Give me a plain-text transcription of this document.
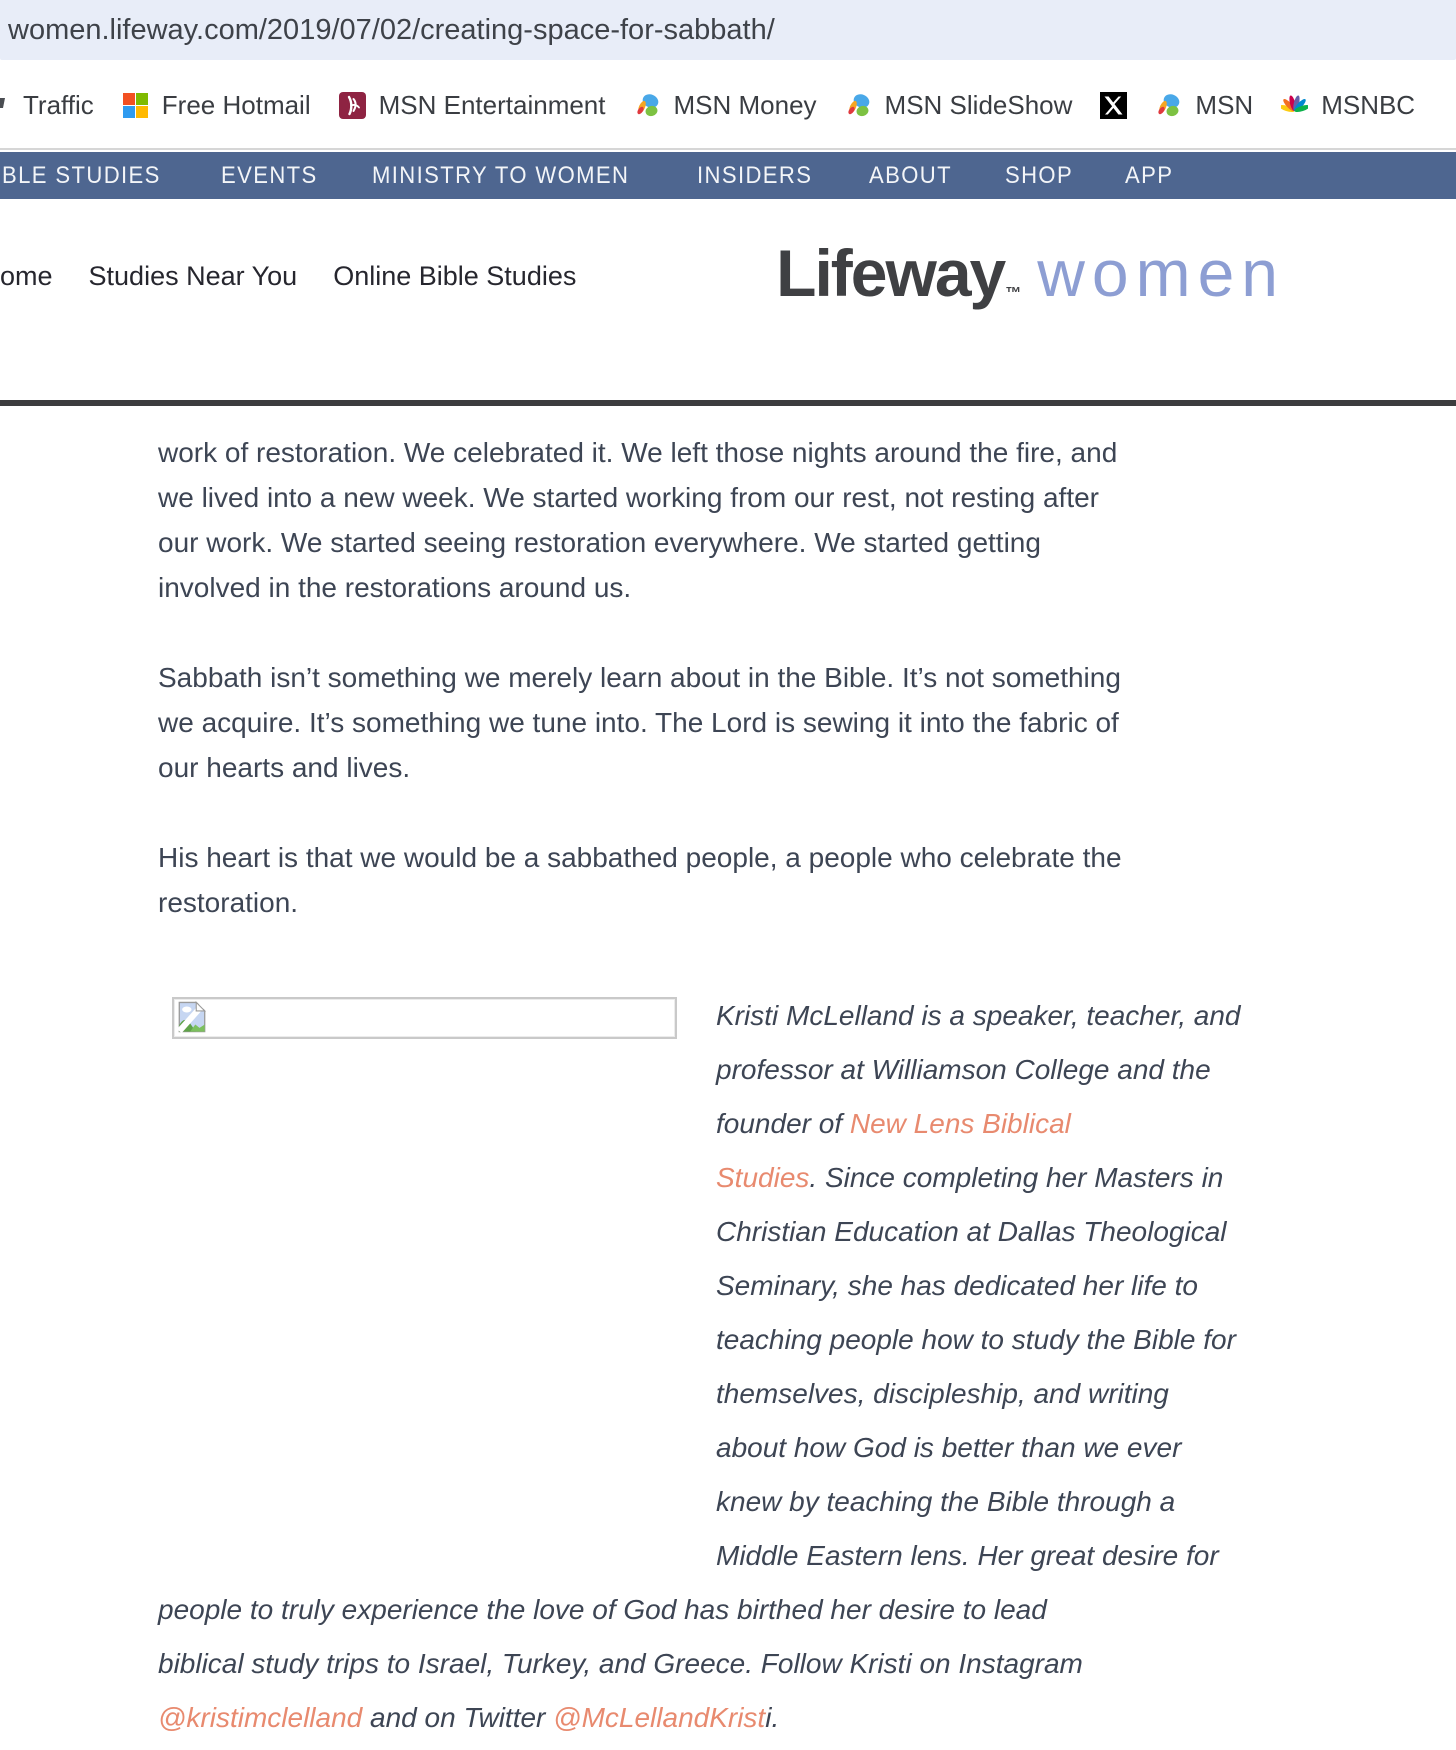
women.lifeway.com/2019/07/02/creating-space-for-sabbath/
Traffic	Free Hotmail	MSN Entertainment	MSN Money	MSN SlideShow	MSN	MSNBC
BLE STUDIES EVENTS MINISTRY TO WOMEN	INSIDERS ABOUT SHOP APP
ome Studies Near You Online Bible Studies	Lifeway ™ women
work of restoration. We celebrated it. We left those nights around the fire, and
we lived into a new week. We started working from our rest, not resting after
our work. We started seeing restoration everywhere. We started getting
involved in the restorations around us.
Sabbath isn’t something we merely learn about in the Bible. It’s not something
we acquire. It’s something we tune into. The Lord is sewing it into the fabric of
our hearts and lives.
His heart is that we would be a sabbathed people, a people who celebrate the
restoration.
Kristi McLelland is a speaker, teacher, and
professor at Williamson College and the
founder of New Lens Biblical
Studies. Since completing her Masters in
Christian Education at Dallas Theological
Seminary, she has dedicated her life to
teaching people how to study the Bible for
themselves, discipleship, and writing
about how God is better than we ever
knew by teaching the Bible through a
Middle Eastern lens. Her great desire for
people to truly experience the love of God has birthed her desire to lead
biblical study trips to Israel, Turkey, and Greece. Follow Kristi on Instagram
@kristimclelland and on Twitter @McLellandKristi.
